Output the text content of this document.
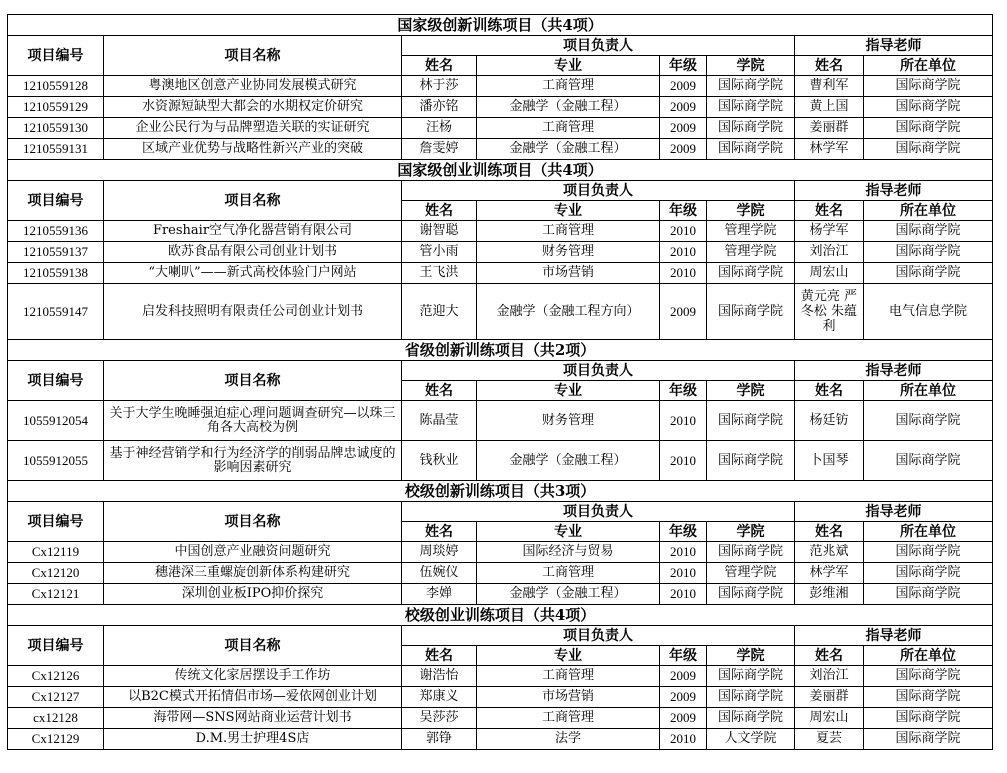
国家级创新训练项目（共4项）							
项目编号	项目名称	项目负责人				指导老师	
		姓名	专业	年级	学院	姓名	所在单位
1210559128	粤澳地区创意产业协同发展模式研究	林于莎	工商管理	2009	国际商学院	曹利军	国际商学院
1210559129	水资源短缺型大都会的水期权定价研究	潘亦铭	金融学（金融工程）	2009	国际商学院	黄上国	国际商学院
1210559130	企业公民行为与品牌塑造关联的实证研究	汪杨	工商管理	2009	国际商学院	姜丽群	国际商学院
1210559131	区域产业优势与战略性新兴产业的突破	詹雯婷	金融学（金融工程）	2009	国际商学院	林学军	国际商学院
国家级创业训练项目（共4项）							
项目编号	项目名称	项目负责人				指导老师	
		姓名	专业	年级	学院	姓名	所在单位
1210559136	Freshair空气净化器营销有限公司	谢智聪	工商管理	2010	管理学院	杨学军	国际商学院
1210559137	欧苏食品有限公司创业计划书	管小雨	财务管理	2010	管理学院	刘治江	国际商学院
1210559138	“大喇叭”——新式高校体验门户网站	王飞洪	市场营销	2010	国际商学院	周宏山	国际商学院
1210559147	启发科技照明有限责任公司创业计划书	范迎大	金融学（金融工程方向）	2009	国际商学院	黄元亮 严冬松 朱蕴利	电气信息学院
省级创新训练项目（共2项）							
项目编号	项目名称	项目负责人				指导老师	
		姓名	专业	年级	学院	姓名	所在单位
1055912054	关于大学生晚睡强迫症心理问题调查研究—以珠三角各大高校为例	陈晶莹	财务管理	2010	国际商学院	杨廷钫	国际商学院
1055912055	基于神经营销学和行为经济学的削弱品牌忠诚度的影响因素研究	钱秋业	金融学（金融工程）	2010	国际商学院	卜国琴	国际商学院
校级创新训练项目（共3项）							
项目编号	项目名称	项目负责人				指导老师	
		姓名	专业	年级	学院	姓名	所在单位
Cx12119	中国创意产业融资问题研究	周琰婷	国际经济与贸易	2010	国际商学院	范兆斌	国际商学院
Cx12120	穗港深三重螺旋创新体系构建研究	伍婉仪	工商管理	2010	管理学院	林学军	国际商学院
Cx12121	深圳创业板IPO抑价探究	李婵	金融学（金融工程）	2010	国际商学院	彭维湘	国际商学院
校级创业训练项目（共4项）							
项目编号	项目名称	项目负责人				指导老师	
		姓名	专业	年级	学院	姓名	所在单位
Cx12126	传统文化家居摆设手工作坊	谢浩怡	工商管理	2009	国际商学院	刘治江	国际商学院
Cx12127	以B2C模式开拓情侣市场—爱依网创业计划	郑康义	市场营销	2009	国际商学院	姜丽群	国际商学院
cx12128	海带网—SNS网站商业运营计划书	吴莎莎	工商管理	2009	国际商学院	周宏山	国际商学院
Cx12129	D.M.男士护理4S店	郭铮	法学	2010	人文学院	夏芸	国际商学院
